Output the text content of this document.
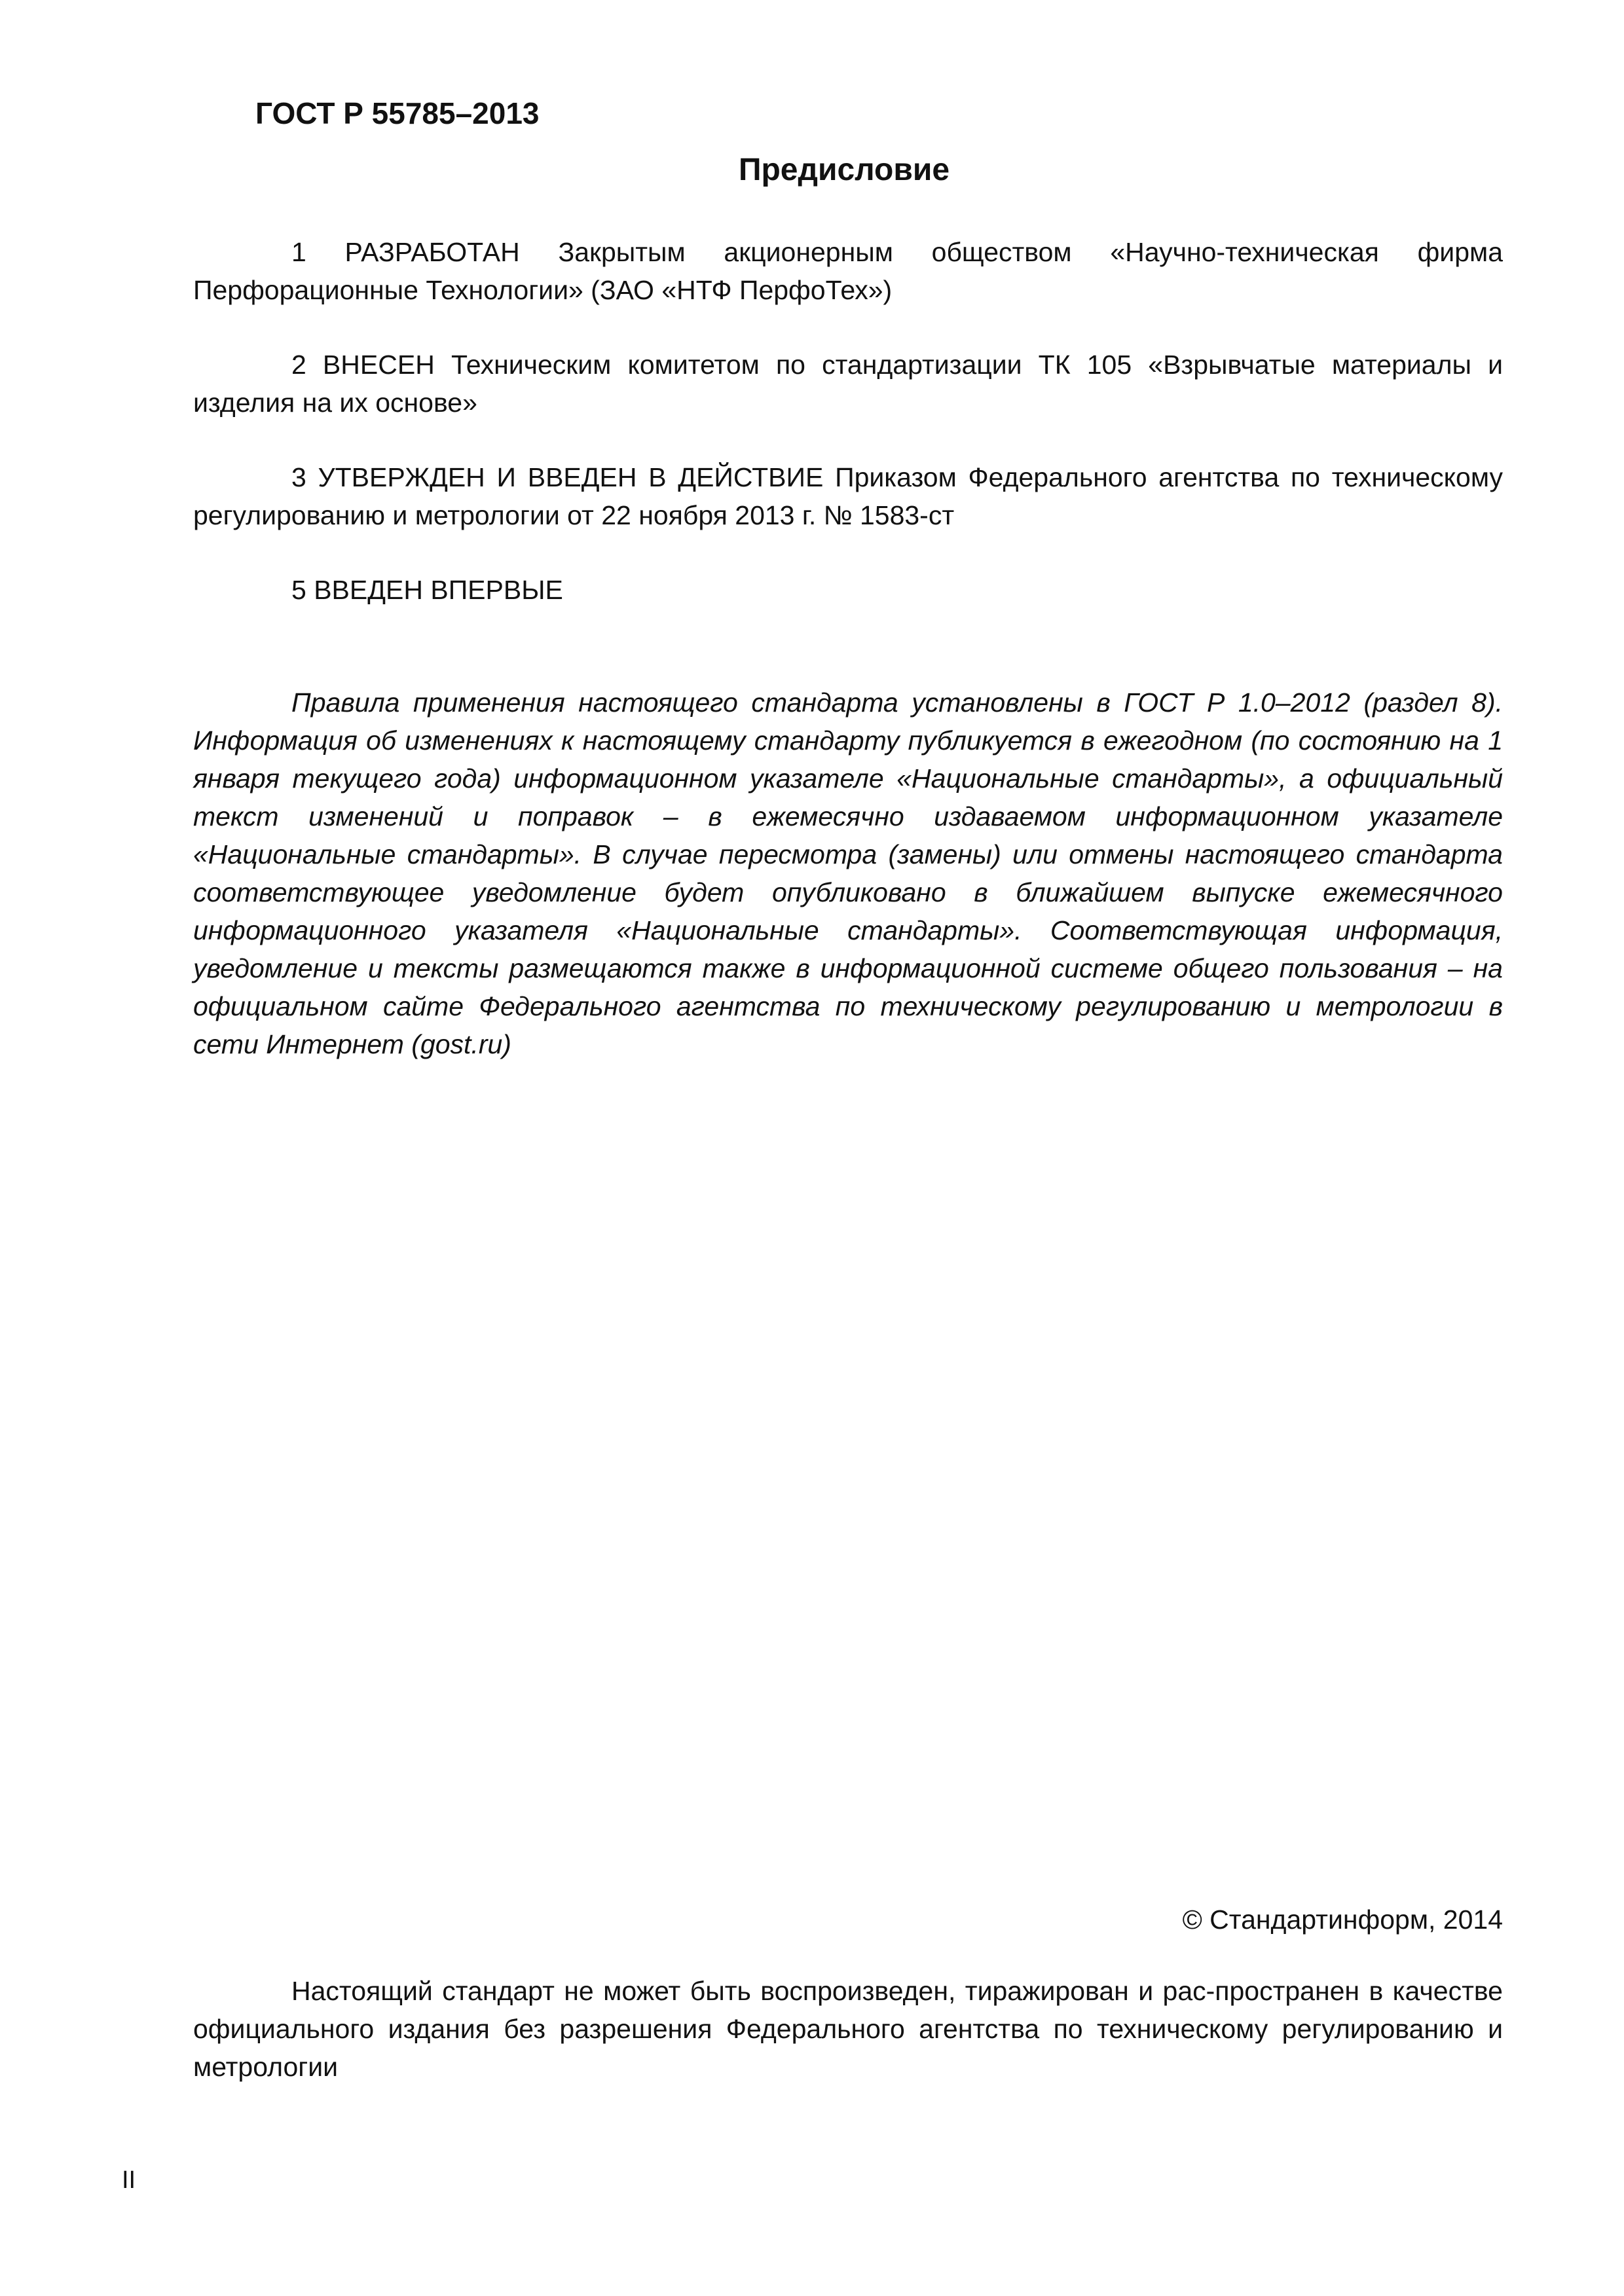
ГОСТ Р 55785–2013
Предисловие

1 РАЗРАБОТАН Закрытым акционерным обществом «Научно-техническая фирма Перфорационные Технологии» (ЗАО «НТФ ПерфоТех»)

2 ВНЕСЕН Техническим комитетом по стандартизации ТК 105 «Взрывчатые материалы и изделия на их основе»

3 УТВЕРЖДЕН И ВВЕДЕН В ДЕЙСТВИЕ Приказом Федерального агентства по техническому регулированию и метрологии от 22 ноября 2013 г. № 1583-ст

5 ВВЕДЕН ВПЕРВЫЕ

Правила применения настоящего стандарта установлены в ГОСТ Р 1.0–2012 (раздел 8). Информация об изменениях к настоящему стандарту публикуется в ежегодном (по состоянию на 1 января текущего года) информационном указателе «Национальные стандарты», а официальный текст изменений и поправок – в ежемесячно издаваемом информационном указателе «Национальные стандарты». В случае пересмотра (замены) или отмены настоящего стандарта соответствующее уведомление будет опубликовано в ближайшем выпуске ежемесячного информационного указателя «Национальные стандарты». Соответствующая информация, уведомление и тексты размещаются также в информационной системе общего пользования – на официальном сайте Федерального агентства по техническому регулированию и метрологии в сети Интернет (gost.ru)

Настоящий стандарт не может быть воспроизведен, тиражирован и рас-пространен в качестве официального издания без разрешения Федерального агентства по техническому регулированию и метрологии

© Стандартинформ, 2014
II
